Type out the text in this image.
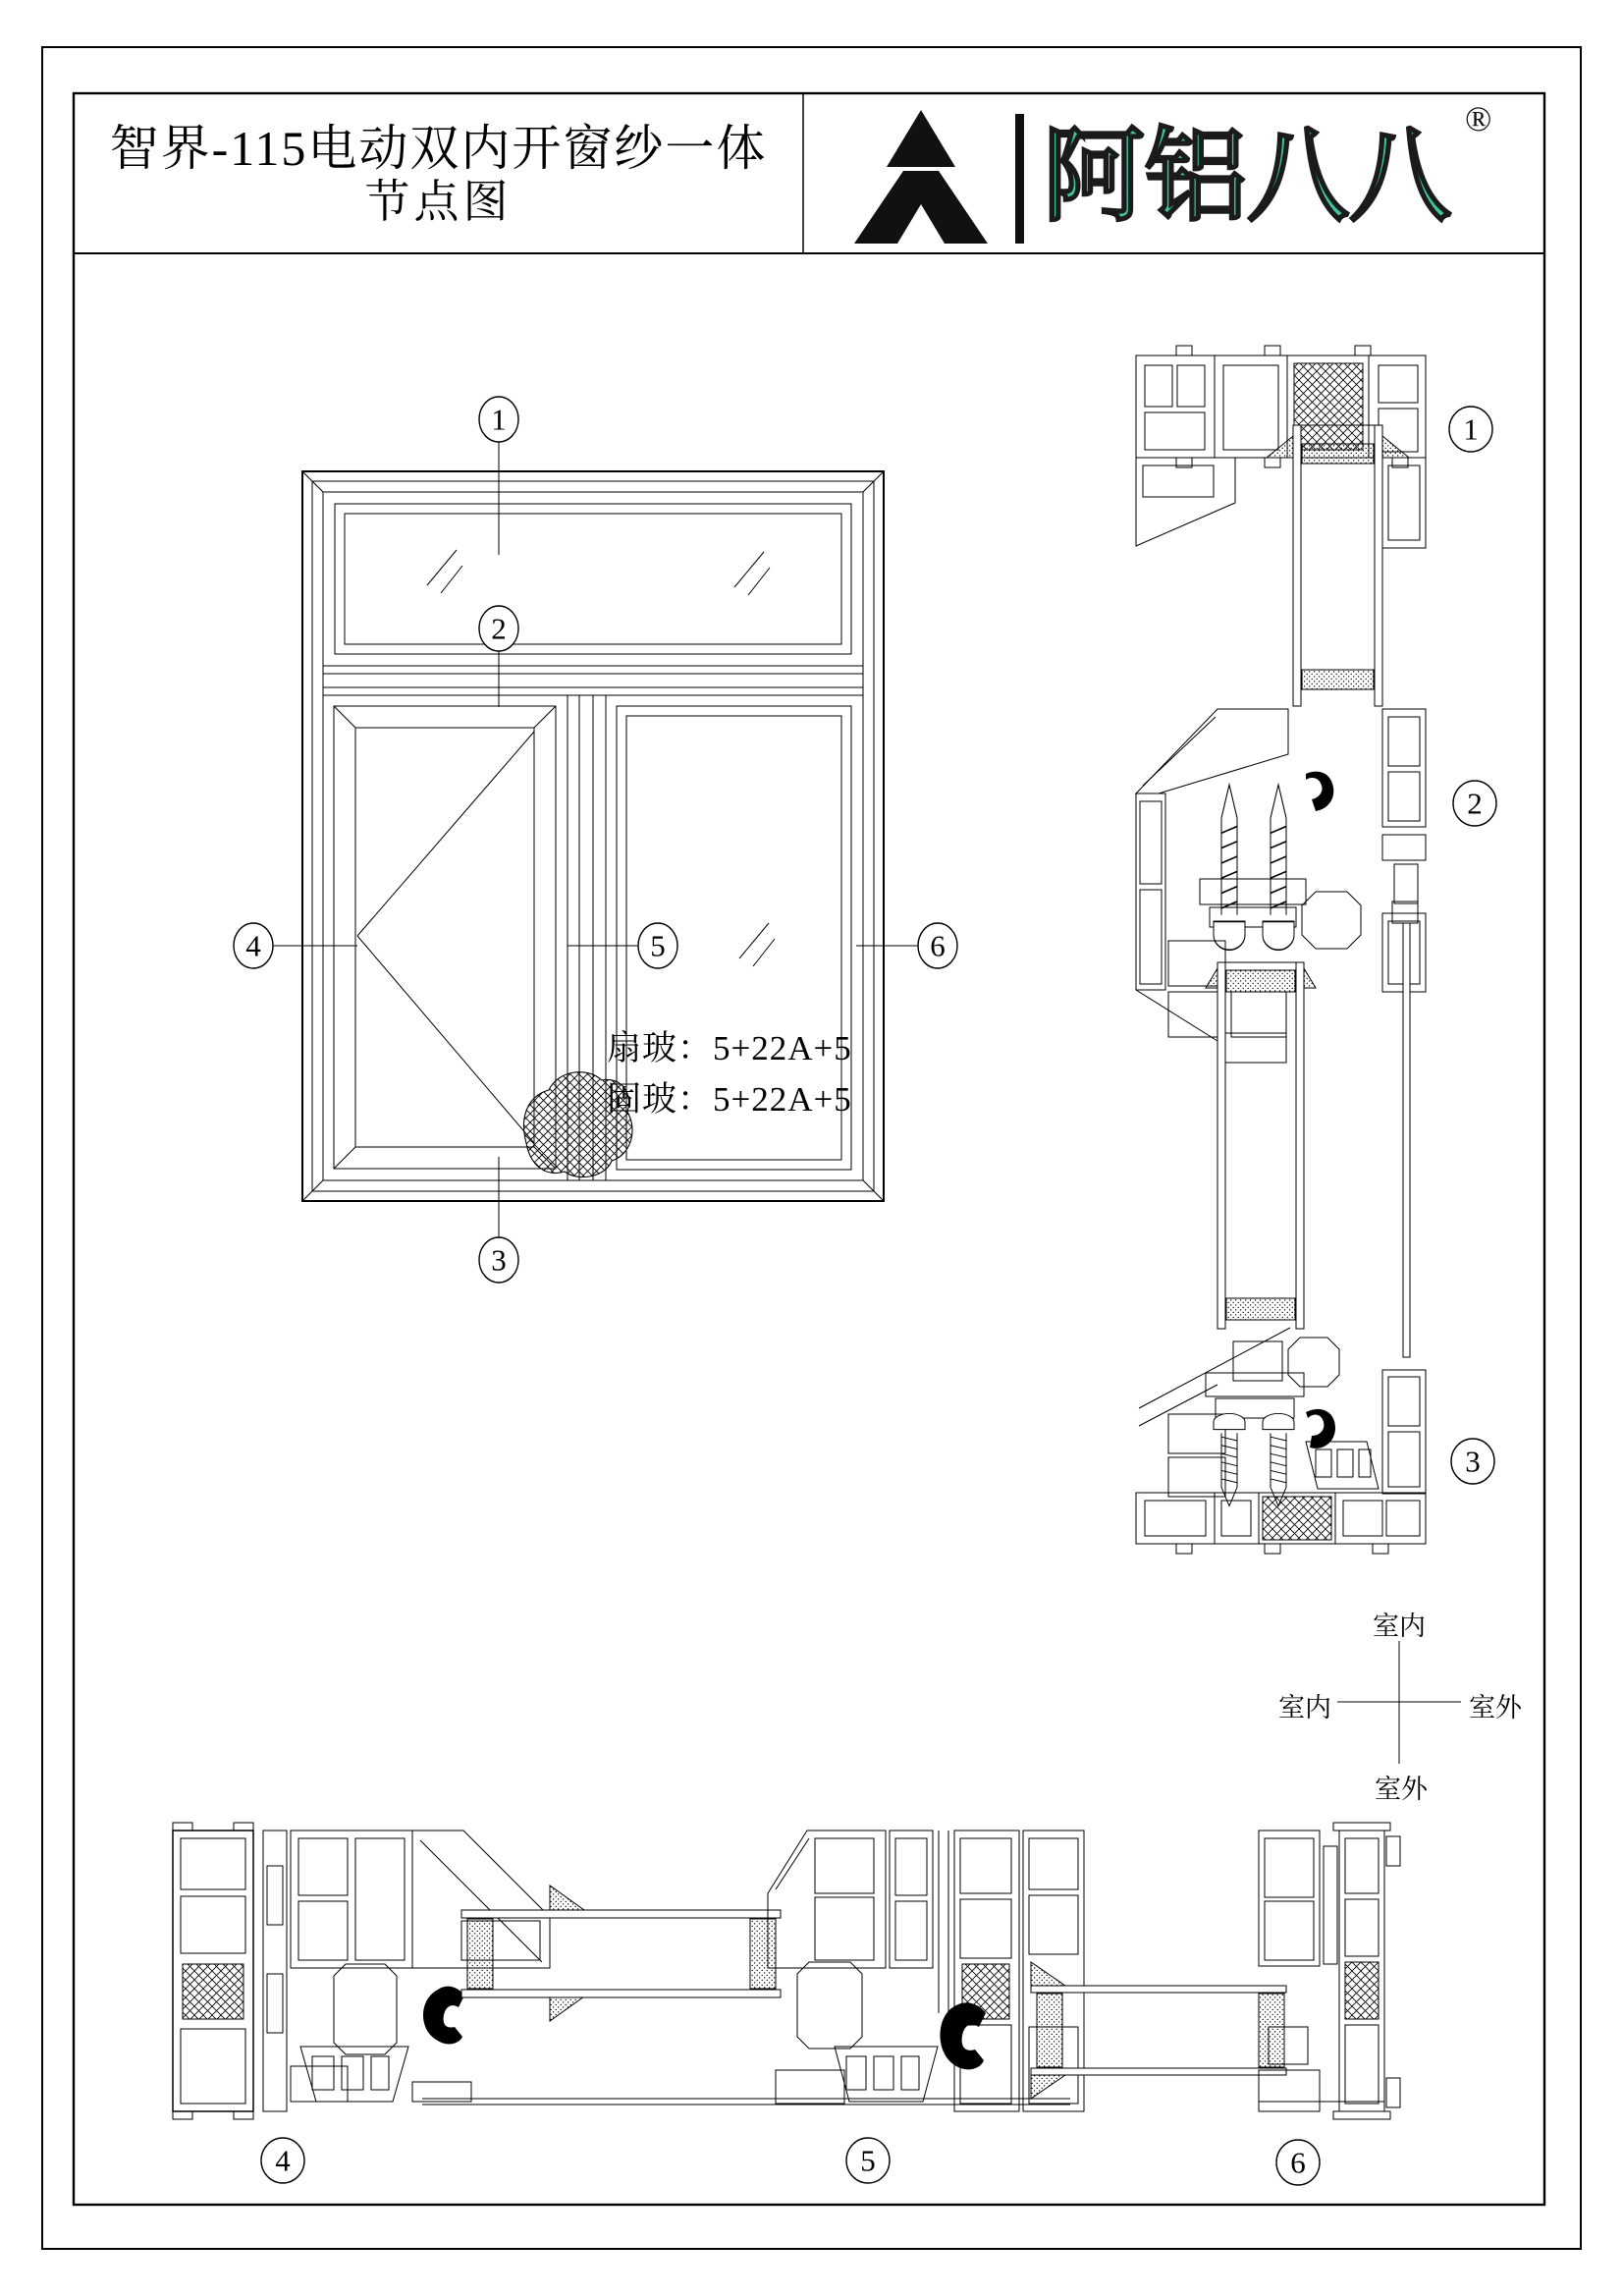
智界-115电动双内开窗纱一体
节点图	阿铝八八
®
扇玻：5+22A+5
固玻：5+22A+5
室内
室内	室外
室外
1
2
3
4	5	6
1
2
3
4	5	6
